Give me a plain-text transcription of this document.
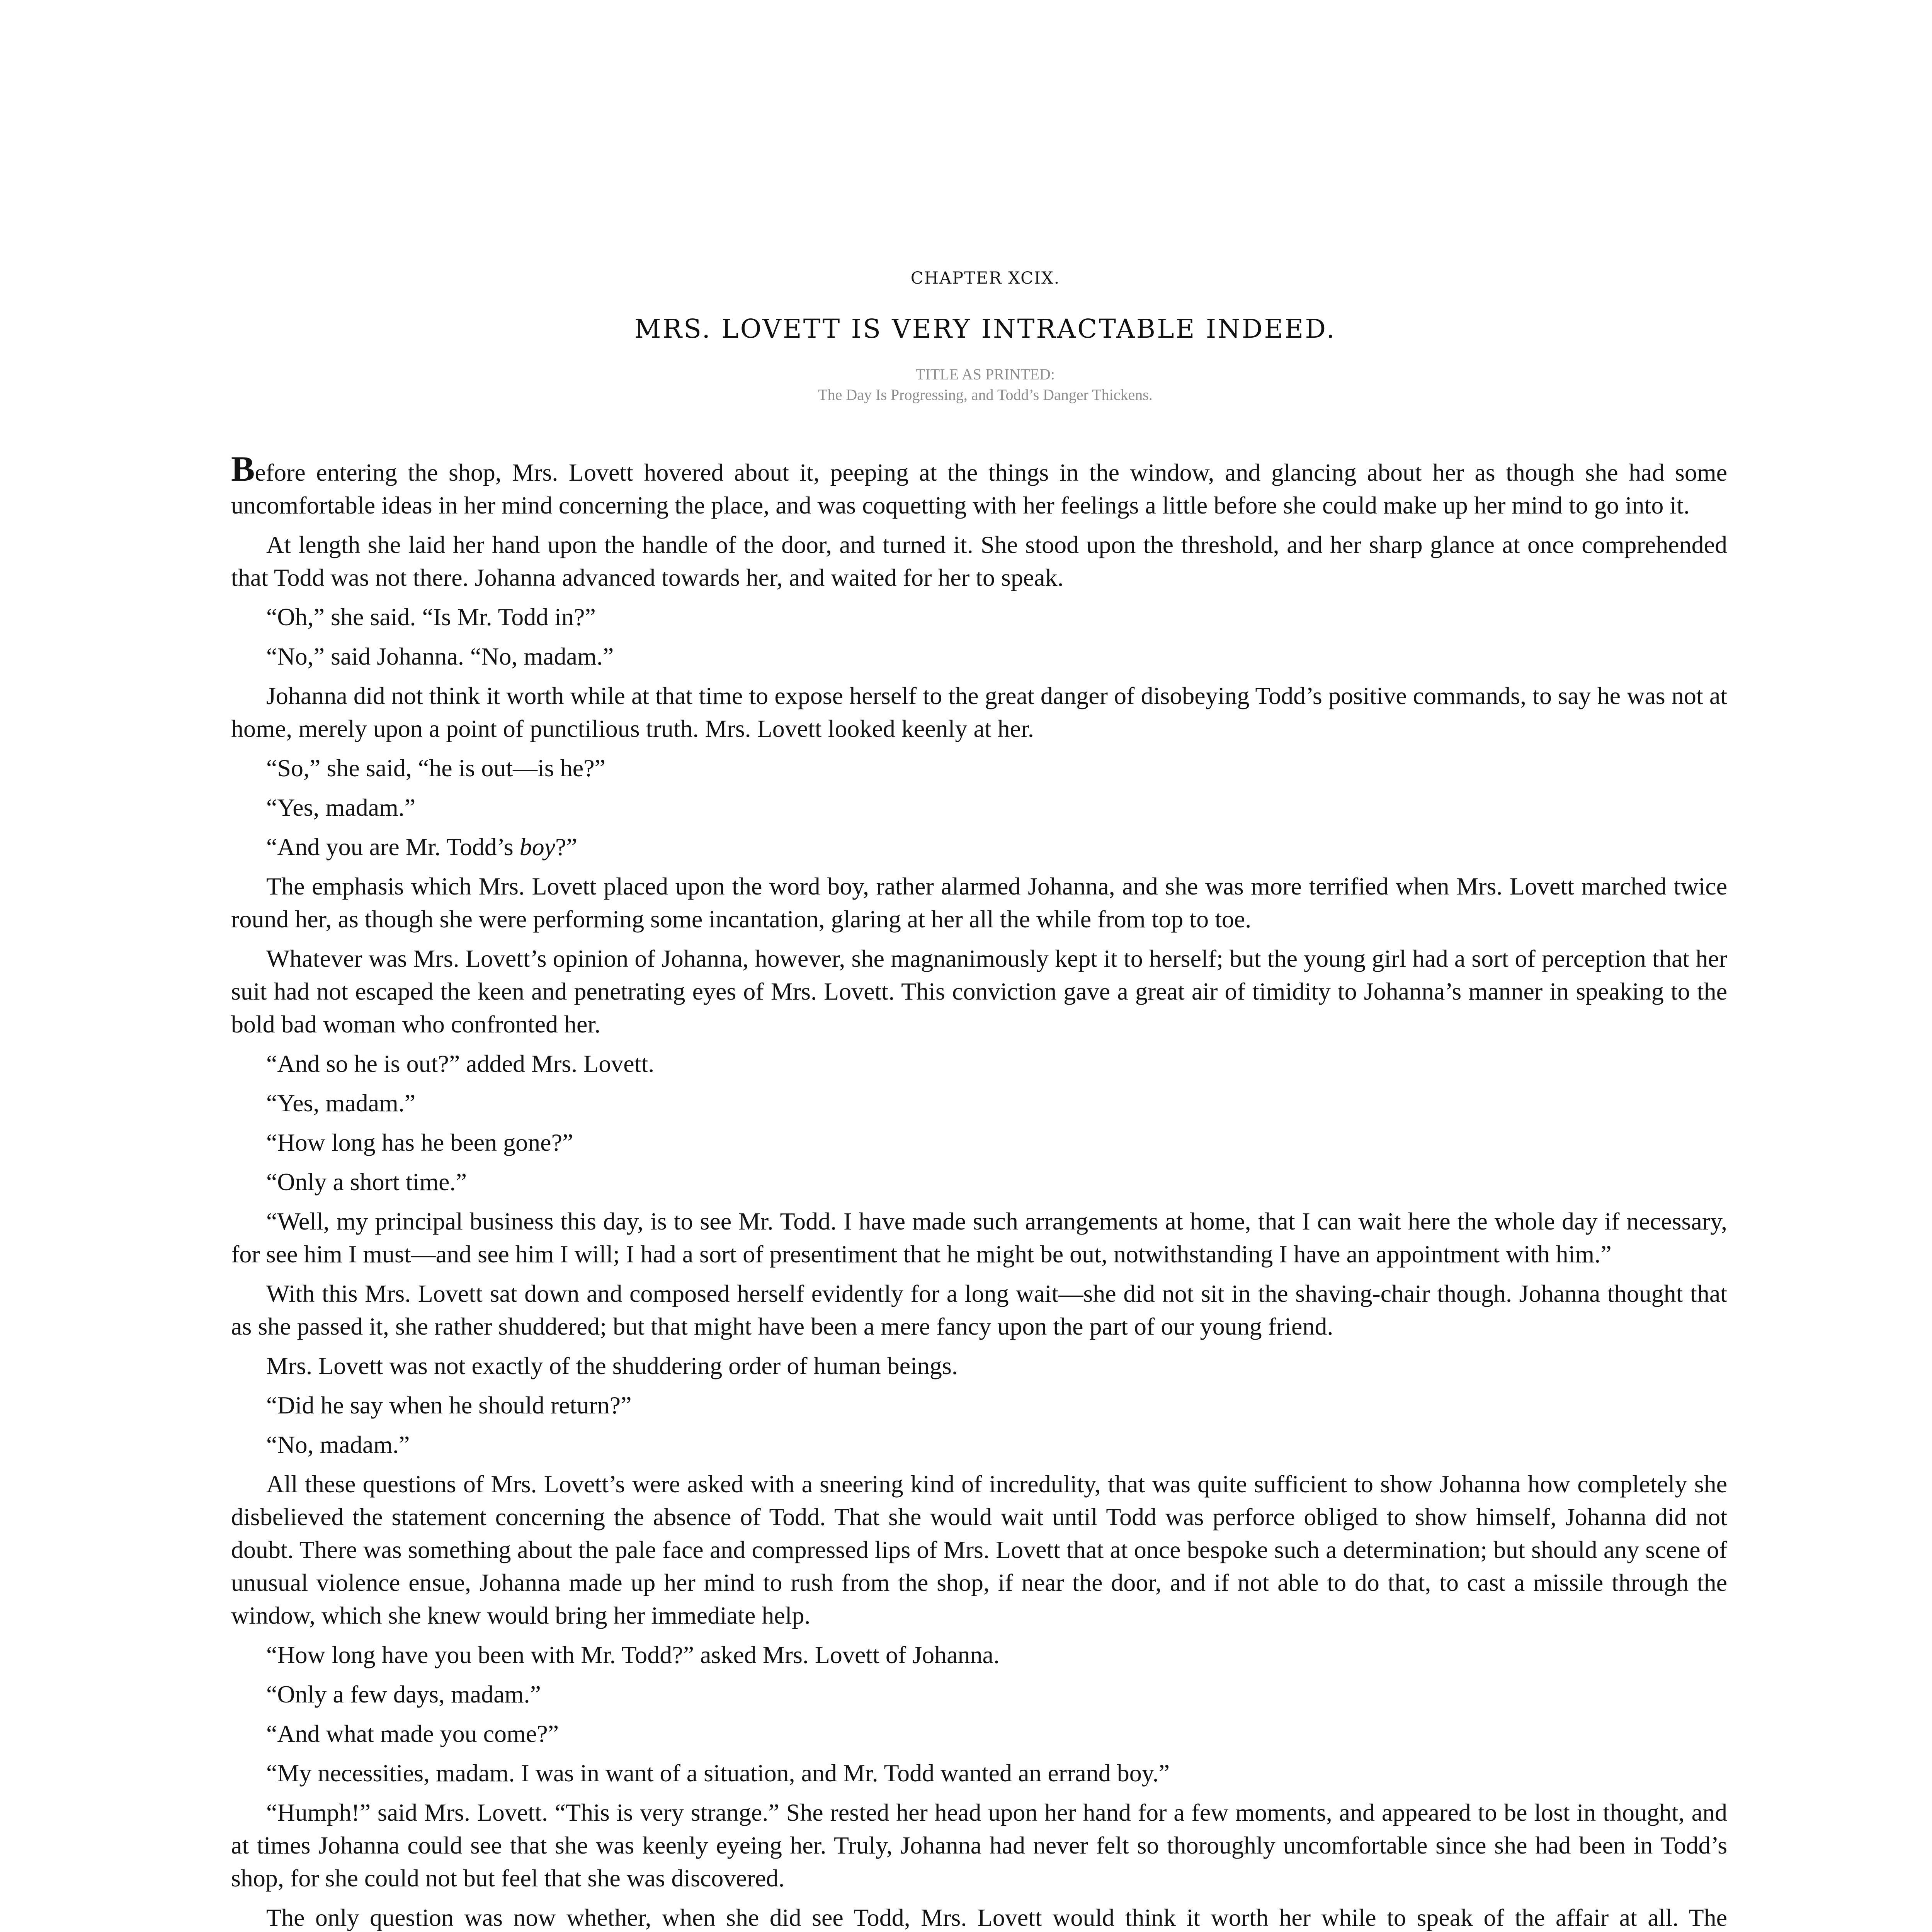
CHAPTER XCIX.
MRS. LOVETT IS VERY INTRACTABLE INDEED.
TITLE AS PRINTED:
The Day Is Progressing, and Todd’s Danger Thickens.

Before entering the shop, Mrs. Lovett hovered about it, peeping at the things in the window, and glancing about her as though she had some uncomfortable ideas in her mind concerning the place, and was coquetting with her feelings a little before she could make up her mind to go into it.

At length she laid her hand upon the handle of the door, and turned it. She stood upon the threshold, and her sharp glance at once comprehended that Todd was not there. Johanna advanced towards her, and waited for her to speak.

“Oh,” she said. “Is Mr. Todd in?”

“No,” said Johanna. “No, madam.”

Johanna did not think it worth while at that time to expose herself to the great danger of disobeying Todd’s positive commands, to say he was not at home, merely upon a point of punctilious truth. Mrs. Lovett looked keenly at her.

“So,” she said, “he is out—is he?”

“Yes, madam.”

“And you are Mr. Todd’s boy?”

The emphasis which Mrs. Lovett placed upon the word boy, rather alarmed Johanna, and she was more terrified when Mrs. Lovett marched twice round her, as though she were performing some incantation, glaring at her all the while from top to toe.

Whatever was Mrs. Lovett’s opinion of Johanna, however, she magnanimously kept it to herself; but the young girl had a sort of perception that her suit had not escaped the keen and penetrating eyes of Mrs. Lovett. This conviction gave a great air of timidity to Johanna’s manner in speaking to the bold bad woman who confronted her.

“And so he is out?” added Mrs. Lovett.

“Yes, madam.”

“How long has he been gone?”

“Only a short time.”

“Well, my principal business this day, is to see Mr. Todd. I have made such arrangements at home, that I can wait here the whole day if necessary, for see him I must—and see him I will; I had a sort of presentiment that he might be out, notwithstanding I have an appointment with him.”

With this Mrs. Lovett sat down and composed herself evidently for a long wait—she did not sit in the shaving-chair though. Johanna thought that as she passed it, she rather shuddered; but that might have been a mere fancy upon the part of our young friend.

Mrs. Lovett was not exactly of the shuddering order of human beings.

“Did he say when he should return?”

“No, madam.”

All these questions of Mrs. Lovett’s were asked with a sneering kind of incredulity, that was quite sufficient to show Johanna how completely she disbelieved the statement concerning the absence of Todd. That she would wait until Todd was perforce obliged to show himself, Johanna did not doubt. There was something about the pale face and compressed lips of Mrs. Lovett that at once bespoke such a determination; but should any scene of unusual violence ensue, Johanna made up her mind to rush from the shop, if near the door, and if not able to do that, to cast a missile through the window, which she knew would bring her immediate help.

“How long have you been with Mr. Todd?” asked Mrs. Lovett of Johanna.

“Only a few days, madam.”

“And what made you come?”

“My necessities, madam. I was in want of a situation, and Mr. Todd wanted an errand boy.”

“Humph!” said Mrs. Lovett. “This is very strange.” She rested her head upon her hand for a few moments, and appeared to be lost in thought, and at times Johanna could see that she was keenly eyeing her. Truly, Johanna had never felt so thoroughly uncomfortable since she had been in Todd’s shop, for she could not but feel that she was discovered.

The only question was now whether, when she did see Todd, Mrs. Lovett would think it worth her while to speak of the affair at all. The
